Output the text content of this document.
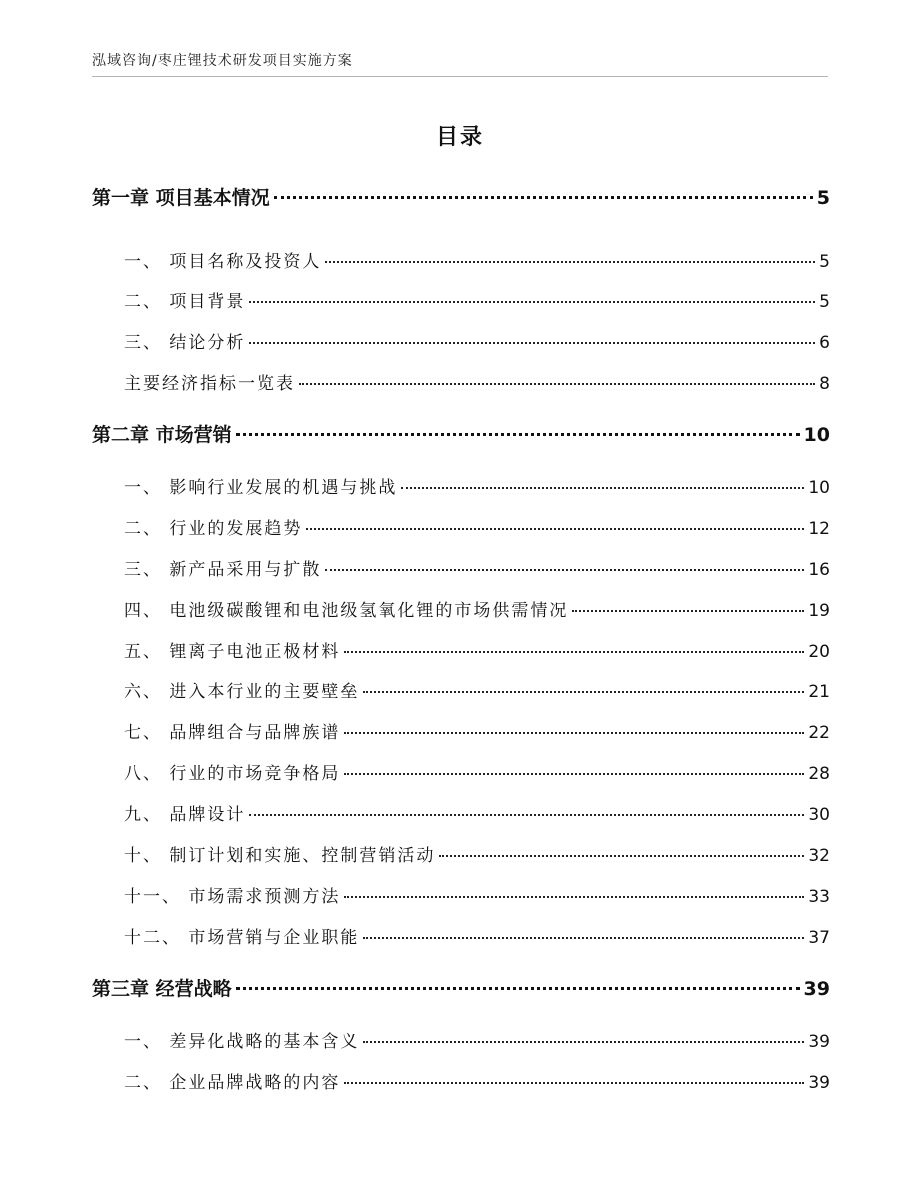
泓域咨询/枣庄锂技术研发项目实施方案
目录
第一章 项目基本情况	5
一、 项目名称及投资人	5
二、 项目背景	5
三、 结论分析	6
主要经济指标一览表	8
第二章 市场营销	10
一、 影响行业发展的机遇与挑战	10
二、 行业的发展趋势	12
三、 新产品采用与扩散	16
四、 电池级碳酸锂和电池级氢氧化锂的市场供需情况	19
五、 锂离子电池正极材料	20
六、 进入本行业的主要壁垒	21
七、 品牌组合与品牌族谱	22
八、 行业的市场竞争格局	28
九、 品牌设计	30
十、 制订计划和实施、控制营销活动	32
十一、 市场需求预测方法	33
十二、 市场营销与企业职能	37
第三章 经营战略	39
一、 差异化战略的基本含义	39
二、 企业品牌战略的内容	39
